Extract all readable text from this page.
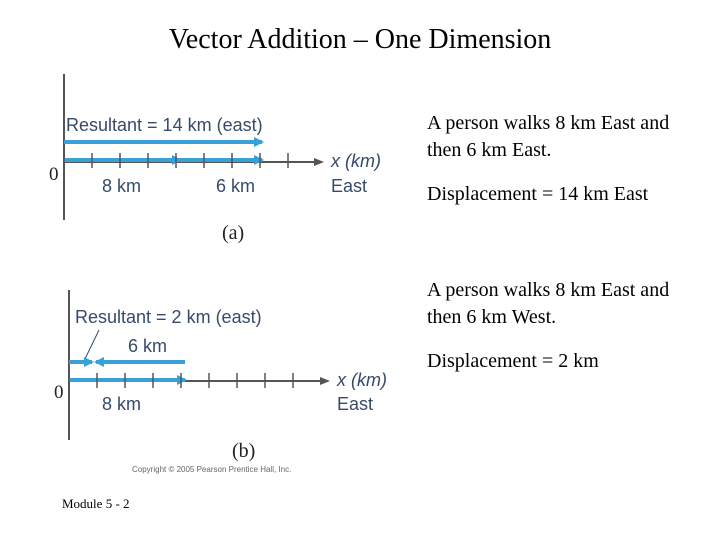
Vector Addition – One Dimension
Resultant = 14 km (east)
0
8 km	6 km
x (km)
East
(a)
Resultant = 2 km (east)
6 km
0
8 km
x (km)
East
(b)
Copyright © 2005 Pearson Prentice Hall, Inc.

A person walks 8 km East and then 6 km East.

Displacement = 14 km East

A person walks 8 km East and then 6 km West.

Displacement = 2 km

Module 5 - 2
